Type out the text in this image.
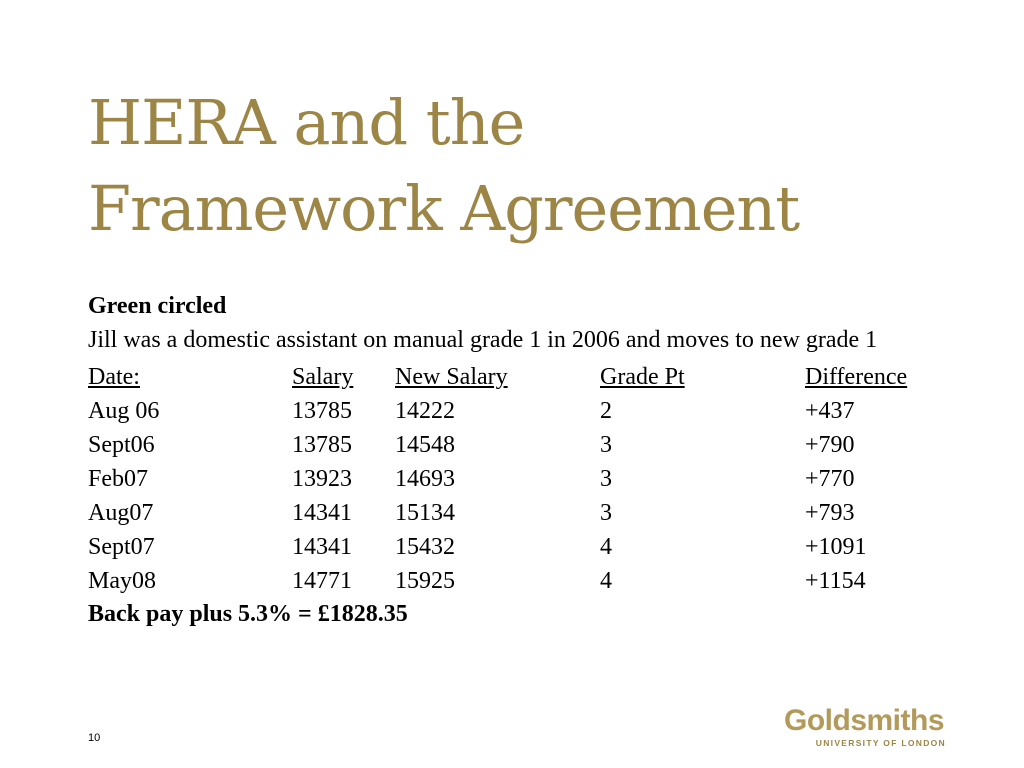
HERA and the
Framework Agreement
Green circled
Jill was a domestic assistant on manual grade 1 in 2006 and moves to new grade 1
Date:	Salary	New Salary	Grade Pt	Difference
Aug 06	13785	14222	2	+437
Sept06	13785	14548	3	+790
Feb07	13923	14693	3	+770
Aug07	14341	15134	3	+793
Sept07	14341	15432	4	+1091
May08	14771	15925	4	+1154
Back pay plus 5.3% = £1828.35
10
Goldsmiths
UNIVERSITY OF LONDON
